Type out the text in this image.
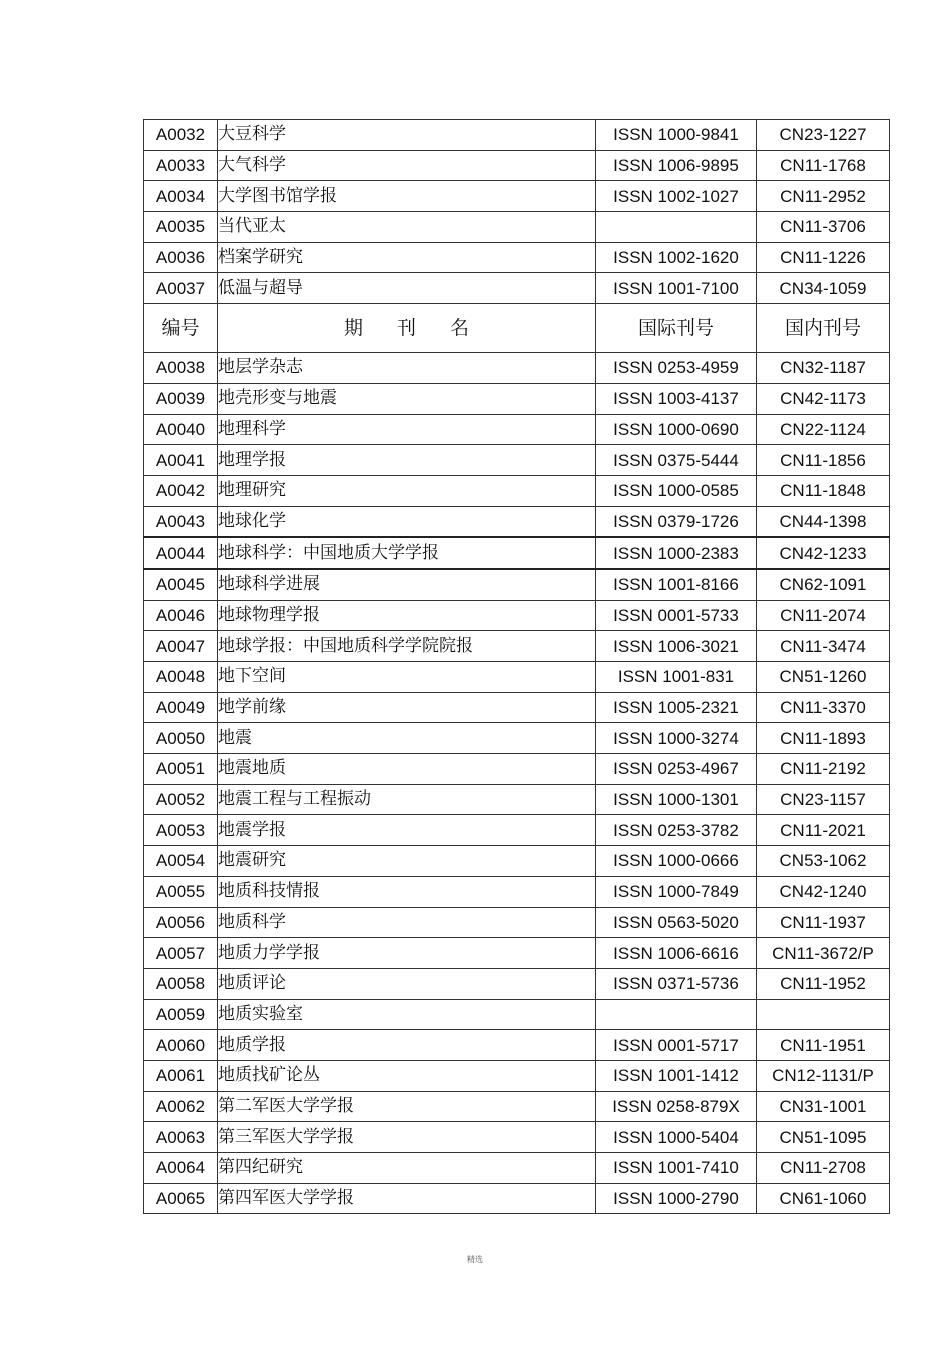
A0032	大豆科学	ISSN 1000-9841	CN23-1227
A0033	大气科学	ISSN 1006-9895	CN11-1768
A0034	大学图书馆学报	ISSN 1002-1027	CN11-2952
A0035	当代亚太		CN11-3706
A0036	档案学研究	ISSN 1002-1620	CN11-1226
A0037	低温与超导	ISSN 1001-7100	CN34-1059
编号	期 刊 名	国际刊号	国内刊号
A0038	地层学杂志	ISSN 0253-4959	CN32-1187
A0039	地壳形变与地震	ISSN 1003-4137	CN42-1173
A0040	地理科学	ISSN 1000-0690	CN22-1124
A0041	地理学报	ISSN 0375-5444	CN11-1856
A0042	地理研究	ISSN 1000-0585	CN11-1848
A0043	地球化学	ISSN 0379-1726	CN44-1398
A0044	地球科学：中国地质大学学报	ISSN 1000-2383	CN42-1233
A0045	地球科学进展	ISSN 1001-8166	CN62-1091
A0046	地球物理学报	ISSN 0001-5733	CN11-2074
A0047	地球学报：中国地质科学学院院报	ISSN 1006-3021	CN11-3474
A0048	地下空间	ISSN 1001-831	CN51-1260
A0049	地学前缘	ISSN 1005-2321	CN11-3370
A0050	地震	ISSN 1000-3274	CN11-1893
A0051	地震地质	ISSN 0253-4967	CN11-2192
A0052	地震工程与工程振动	ISSN 1000-1301	CN23-1157
A0053	地震学报	ISSN 0253-3782	CN11-2021
A0054	地震研究	ISSN 1000-0666	CN53-1062
A0055	地质科技情报	ISSN 1000-7849	CN42-1240
A0056	地质科学	ISSN 0563-5020	CN11-1937
A0057	地质力学学报	ISSN 1006-6616	CN11-3672/P
A0058	地质评论	ISSN 0371-5736	CN11-1952
A0059	地质实验室		
A0060	地质学报	ISSN 0001-5717	CN11-1951
A0061	地质找矿论丛	ISSN 1001-1412	CN12-1131/P
A0062	第二军医大学学报	ISSN 0258-879X	CN31-1001
A0063	第三军医大学学报	ISSN 1000-5404	CN51-1095
A0064	第四纪研究	ISSN 1001-7410	CN11-2708
A0065	第四军医大学学报	ISSN 1000-2790	CN61-1060
精选
